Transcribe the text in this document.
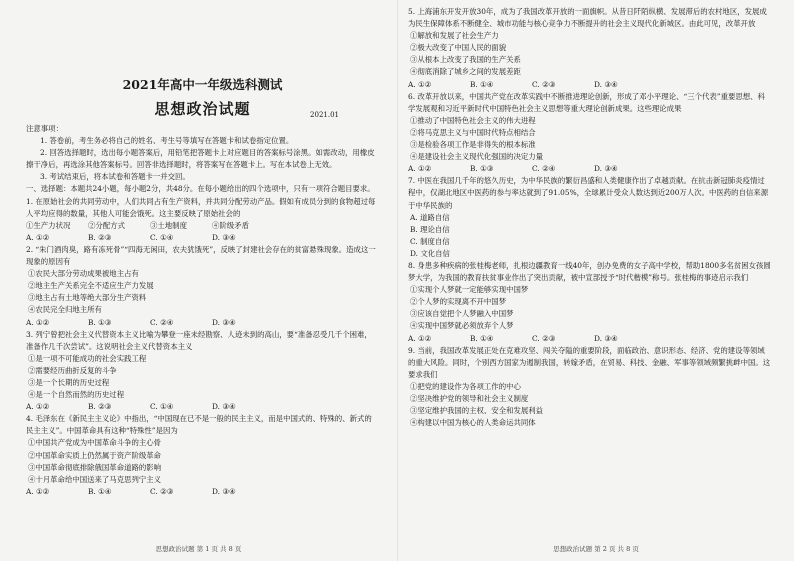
2021年高中一年级选科测试
思想政治试题	2021.01

注意事项：

1. 答卷前，考生务必将自己的姓名、考生号等填写在答题卡和试卷指定位置。

2. 回答选择题时，选出每小题答案后，用铅笔把答题卡上对应题目的答案标号涂黑。如需改动，用橡皮擦干净后，再选涂其他答案标号。回答非选择题时，将答案写在答题卡上。写在本试卷上无效。

3. 考试结束后，将本试卷和答题卡一并交回。

一、选择题：本题共24小题，每小题2分，共48分。在每小题给出的四个选项中，只有一项符合题目要求。

1. 在原始社会的共同劳动中，人们共同占有生产资料，并共同分配劳动产品。假如有成员分到的食物超过每人平均应得的数量，其他人可能会饿死。这主要反映了原始社会的

①生产力状况	②分配方式	③土地制度	④阶级矛盾
A. ①②	B. ②③	C. ①④	D. ③④

2. “朱门酒肉臭，路有冻死骨”“四海无闲田，农夫犹饿死”，反映了封建社会存在的贫富悬殊现象。造成这一现象的原因有

①农民大部分劳动成果被地主占有

②地主生产关系完全不适应生产力发展

③地主占有土地等绝大部分生产资料

④农民完全归地主所有

A. ①②	B. ①③	C. ②④	D. ③④

3. 列宁曾把社会主义代替资本主义比喻为攀登一座未经勘察、人迹未到的高山，要“准备忍受几千个困难，准备作几千次尝试”。这说明社会主义代替资本主义

①是一项不可能成功的社会实践工程

②需要经历曲折反复的斗争

③是一个长期的历史过程

④是一个自然而然的历史过程

A. ①②	B. ②③	C. ①④	D. ③④

4. 毛泽东在《新民主主义论》中指出，“中国现在已不是一般的民主主义，而是中国式的、特殊的、新式的民主主义”。中国革命具有这种“特殊性”是因为

①中国共产党成为中国革命斗争的主心骨

②中国革命实质上仍然属于资产阶级革命

③中国革命彻底排除俄国革命道路的影响

④十月革命给中国送来了马克思列宁主义

A. ①②	B. ①④	C. ②③	D. ③④
思想政治试题 第 1 页 共 8 页

5. 上海浦东开发开放30年，成为了我国改革开放的一面旗帜。从昔日阡陌纵横、发展滞后的农村地区，发展成为民生保障体系不断健全、城市功能与核心竞争力不断提升的社会主义现代化新城区。由此可见，改革开放

①解放和发展了社会生产力

②极大改变了中国人民的面貌

③从根本上改变了我国的生产关系

④彻底消除了城乡之间的发展差距

A. ①②	B. ①④	C. ②③	D. ③④

6. 改革开放以来，中国共产党在改革实践中不断推进理论创新，形成了邓小平理论、“三个代表”重要思想、科学发展观和习近平新时代中国特色社会主义思想等重大理论创新成果。这些理论成果

①推动了中国特色社会主义的伟大进程

②将马克思主义与中国时代特点相结合

③是检验各项工作是非得失的根本标准

④是建设社会主义现代化强国的决定力量

A. ①②	B. ①③	C. ②④	D. ③④

7. 中医在我国几千年的悠久历史，为中华民族的繁衍昌盛和人类健康作出了卓越贡献。在抗击新冠肺炎疫情过程中，仅湖北地区中医药的参与率达就到了91.05%，全球累计受众人数达到近200万人次。中医药的自信来源于中华民族的

A. 道路自信

B. 理论自信

C. 制度自信

D. 文化自信

8. 身患多种疾病的张桂梅老师，扎根边疆教育一线40年，创办免费的女子高中学校，帮助1800多名贫困女孩圆梦大学，为我国的教育扶贫事业作出了突出贡献，被中宣部授予“时代楷模”称号。张桂梅的事迹启示我们

①实现个人梦就一定能够实现中国梦

②个人梦的实现离不开中国梦

③应该自觉把个人梦融入中国梦

④实现中国梦就必须放弃个人梦

A. ①②	B. ①④	C. ②③	D. ③④

9. 当前，我国改革发展正处在克难攻坚、闯关夺隘的重要阶段，面临政治、意识形态、经济、党的建设等领域的重大风险。同时，个别西方国家为遏制我国，转嫁矛盾，在贸易、科技、金融、军事等领域频繁挑衅中国。这要求我们

①把党的建设作为各项工作的中心

②坚决维护党的领导和社会主义制度

③坚定维护我国的主权、安全和发展利益

④构建以中国为核心的人类命运共同体

思想政治试题 第 2 页 共 8 页
